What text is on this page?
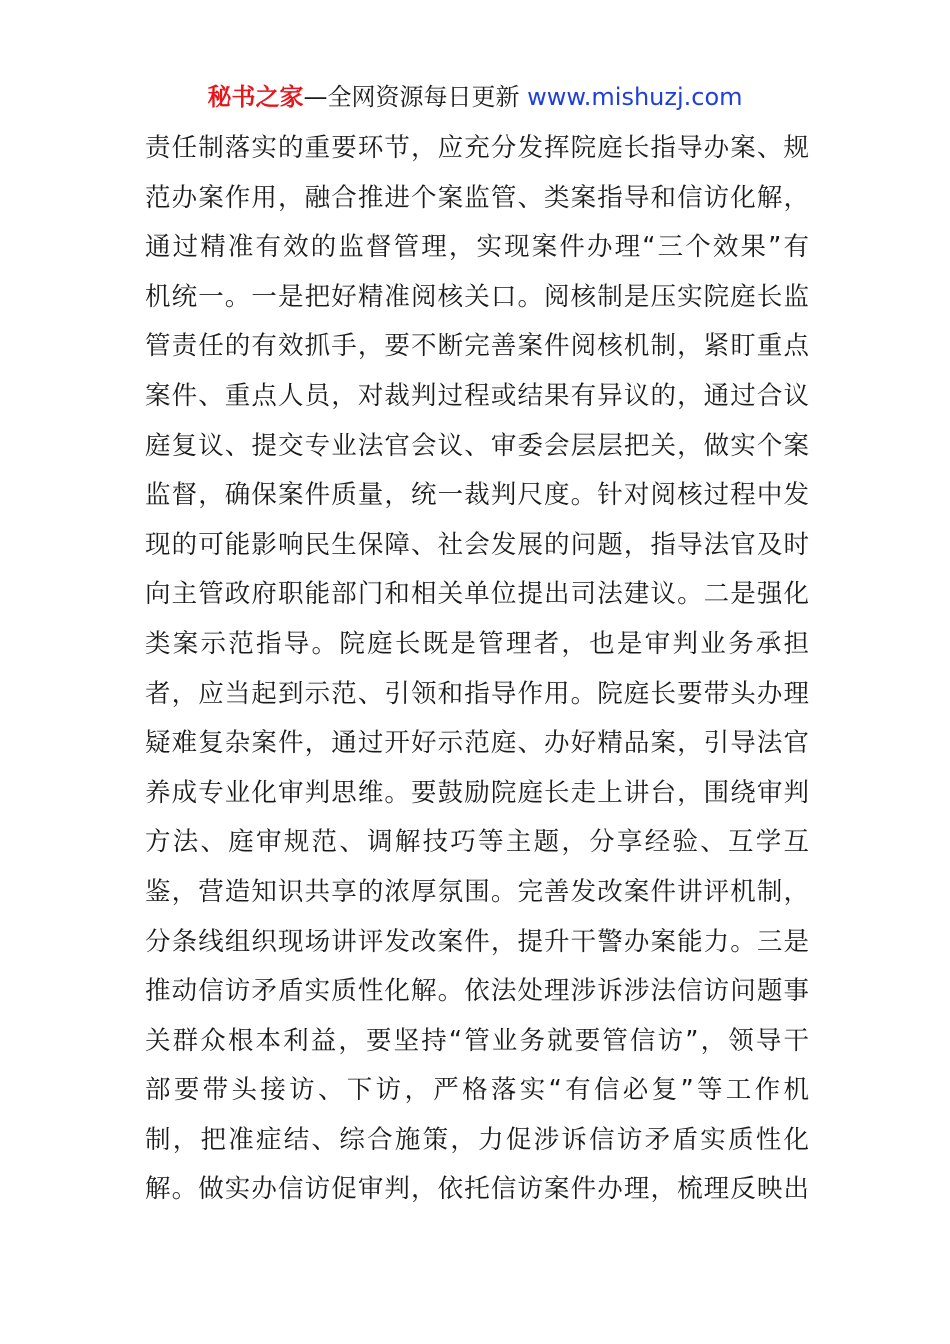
秘书之家—全网资源每日更新 www.mishuzj.com
责任制落实的重要环节，应充分发挥院庭长指导办案、规
范办案作用，融合推进个案监管、类案指导和信访化解，
通过精准有效的监督管理，实现案件办理“三个效果”有
机统一。一是把好精准阅核关口。阅核制是压实院庭长监
管责任的有效抓手，要不断完善案件阅核机制，紧盯重点
案件、重点人员，对裁判过程或结果有异议的，通过合议
庭复议、提交专业法官会议、审委会层层把关，做实个案
监督，确保案件质量，统一裁判尺度。针对阅核过程中发
现的可能影响民生保障、社会发展的问题，指导法官及时
向主管政府职能部门和相关单位提出司法建议。二是强化
类案示范指导。院庭长既是管理者，也是审判业务承担
者，应当起到示范、引领和指导作用。院庭长要带头办理
疑难复杂案件，通过开好示范庭、办好精品案，引导法官
养成专业化审判思维。要鼓励院庭长走上讲台，围绕审判
方法、庭审规范、调解技巧等主题，分享经验、互学互
鉴，营造知识共享的浓厚氛围。完善发改案件讲评机制，
分条线组织现场讲评发改案件，提升干警办案能力。三是
推动信访矛盾实质性化解。依法处理涉诉涉法信访问题事
关群众根本利益，要坚持“管业务就要管信访”，领导干
部要带头接访、下访，严格落实“有信必复”等工作机
制，把准症结、综合施策，力促涉诉信访矛盾实质性化
解。做实办信访促审判，依托信访案件办理，梳理反映出
